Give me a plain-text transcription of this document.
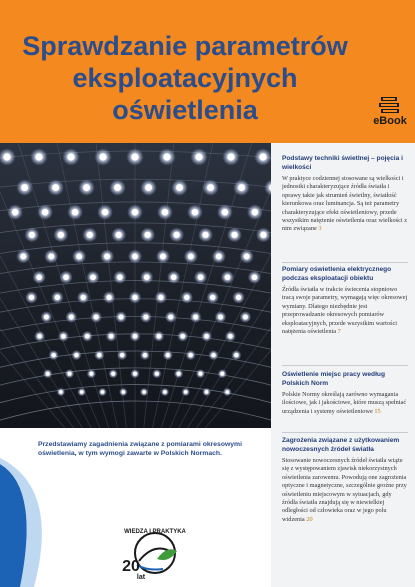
Sprawdzanie parametrów
eksploatacyjnych
oświetlenia	eBook
Przedstawiamy zagadnienia związane z pomiarami okresowymi oświetlenia, w tym wymogi zawarte w Polskich Normach.
WIEDZA I PRAKTYKA
20
lat
Podstawy techniki świetlnej – pojęcia i wielkości

W praktyce codziennej stosowane są wielkości i jednostki charakteryzujące źródła światła i oprawy takie jak strumień świetlny, światłość kierunkowa oraz luminancja. Są też parametry charakteryzujące efekt oświetleniowy, przede wszystkim natężenie oświetlenia oraz wielkości z nim związane 3

Pomiary oświetlenia elektrycznego podczas eksploatacji obiektu

Źródła światła w trakcie świecenia stopniowo tracą swoje parametry, wymagają więc okresowej wymiany. Dlatego niezbędnie jest przeprowadzanie okresowych pomiarów eksploatacyjnych, przede wszystkim wartości natężenia oświetlenia 7

Oświetlenie miejsc pracy według Polskich Norm

Polskie Normy określają zarówno wymagania ilościowe, jak i jakościowe, które muszą spełniać urządzenia i systemy oświetleniowe 15

Zagrożenia związane z użytkowaniem nowoczesnych źródeł światła

Stosowanie nowoczesnych źródeł światła wiąże się z występowaniem zjawisk niekorzystnych oświetlenia zarowemu. Powodują one zagrożenia optyczne i magnetyczne, szczególnie groźne przy oświetleniu miejscowym w sytuacjach, gdy źródła światła znajdują się w niewielkiej odległości od człowieka oraz w jego polu widzenia 20
